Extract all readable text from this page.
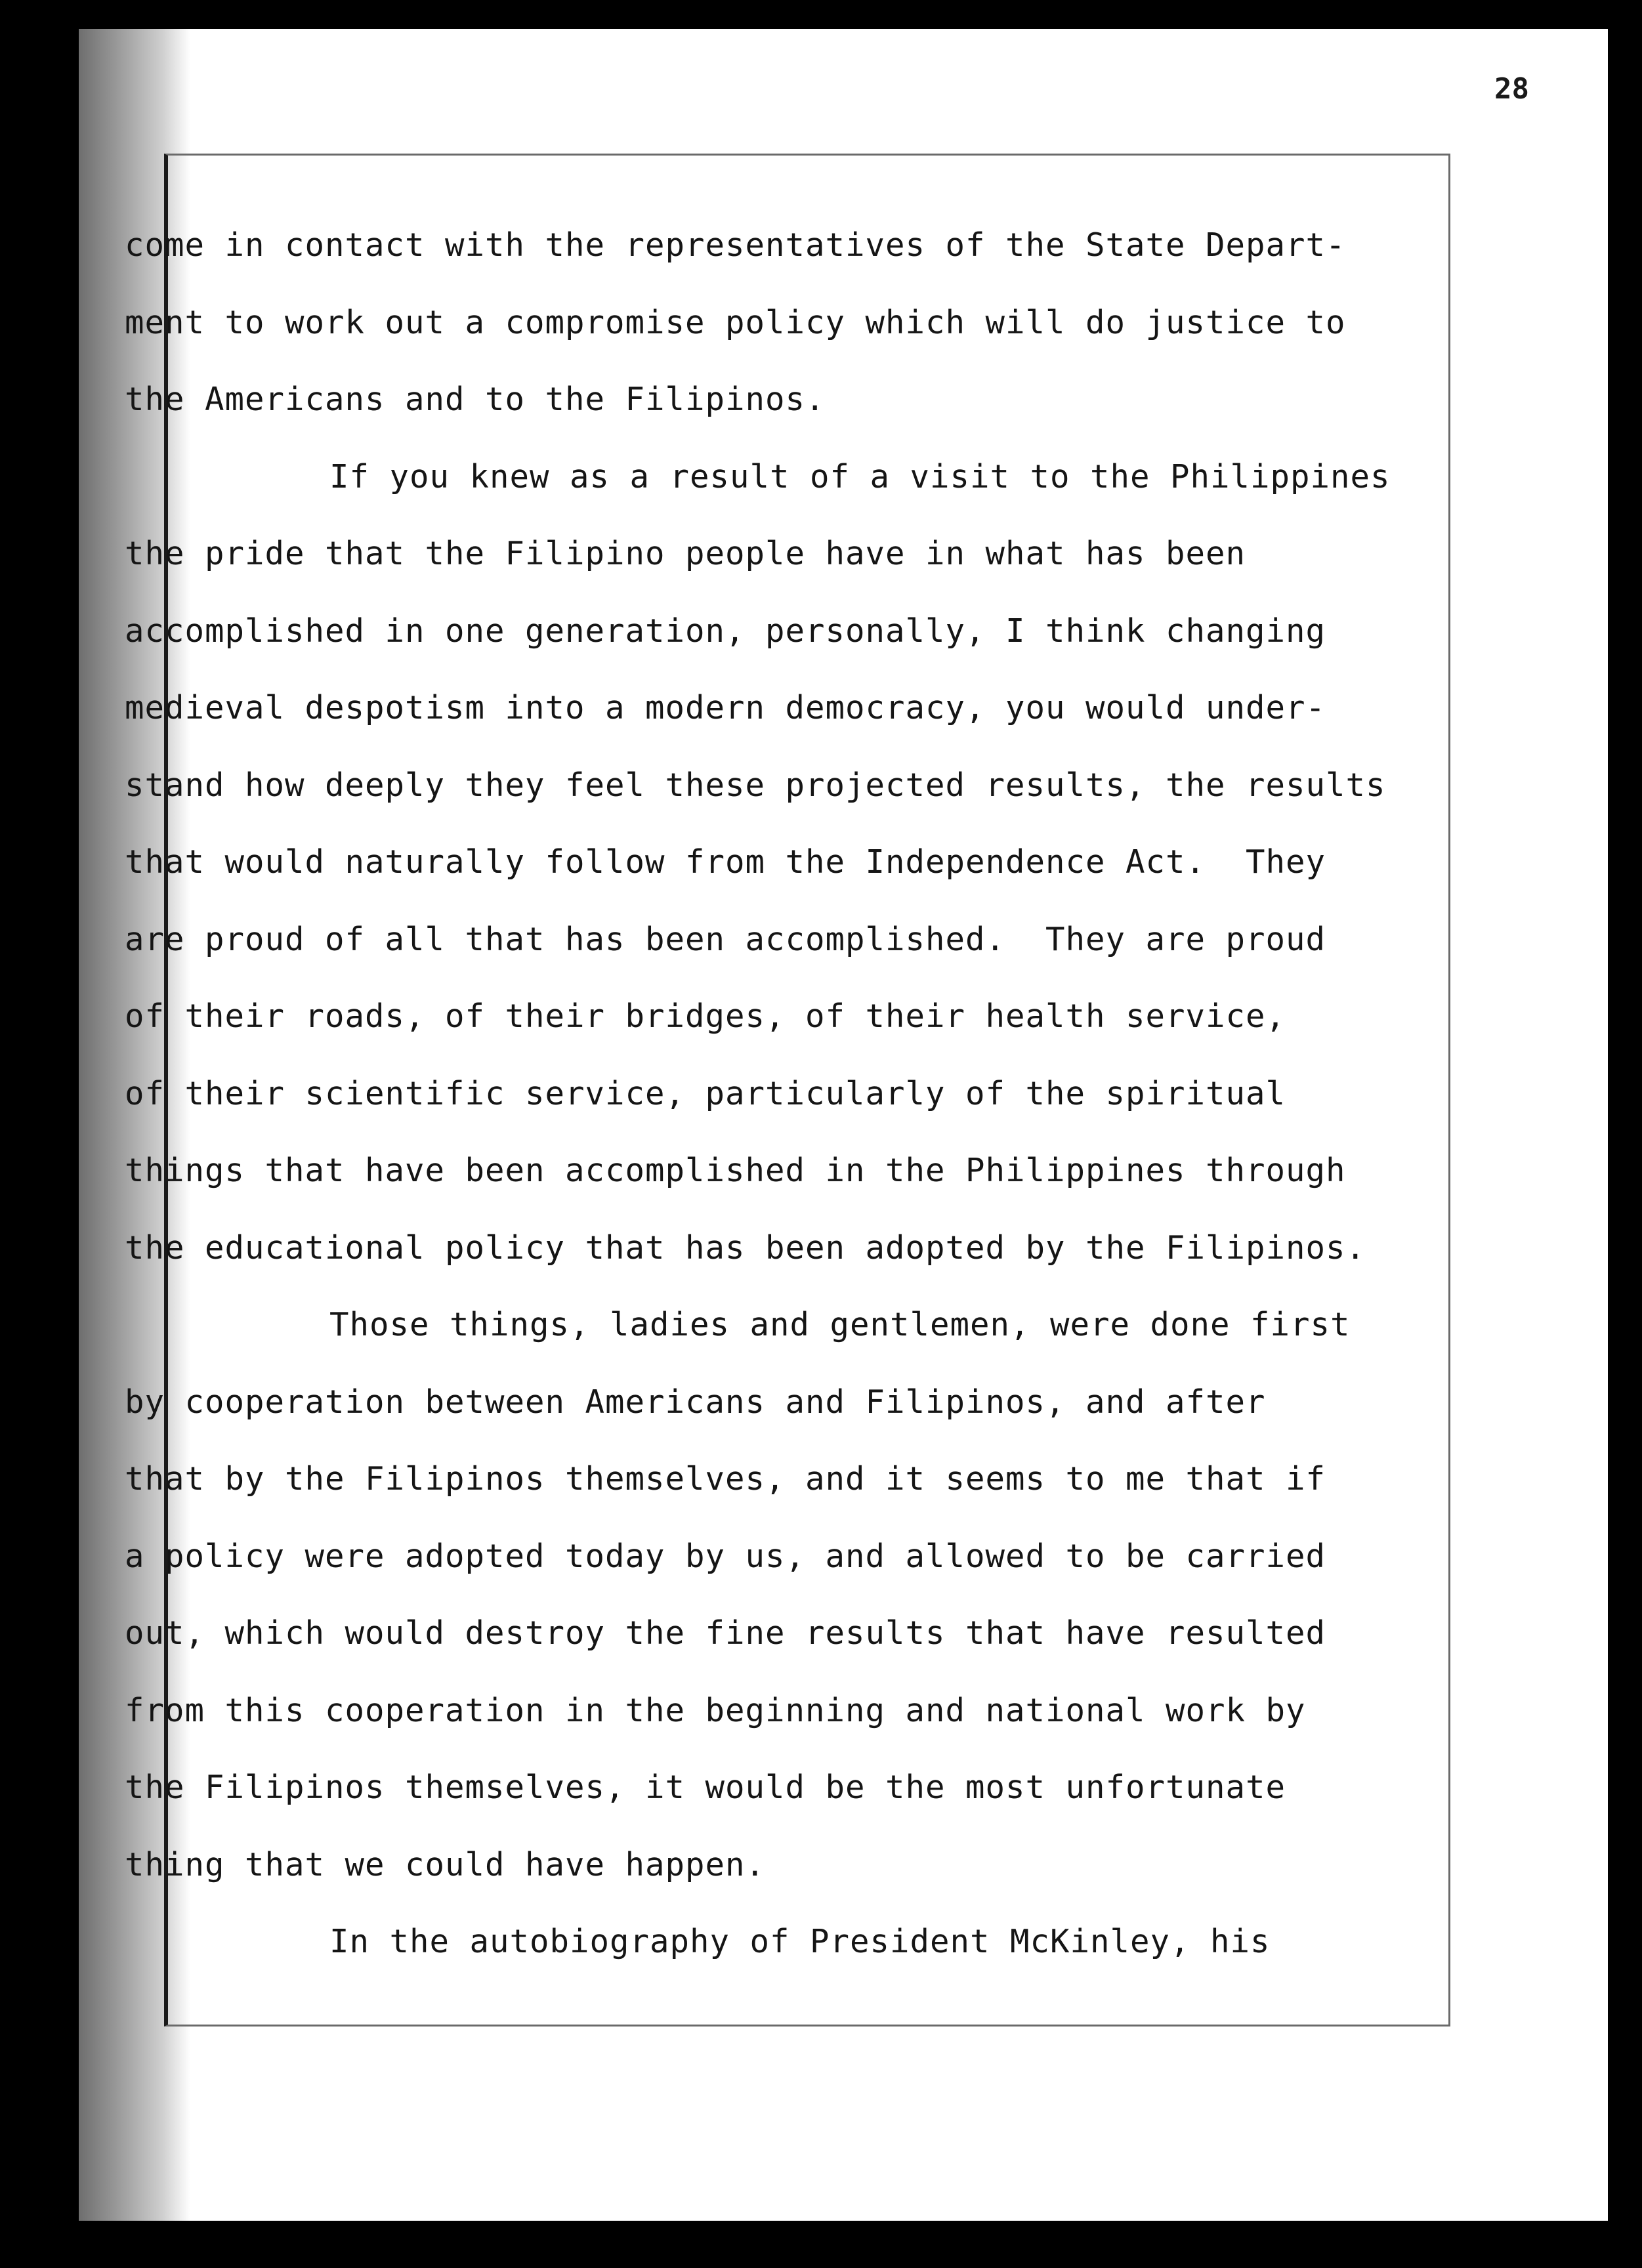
28

come in contact with the representatives of the State Depart-
ment to work out a compromise policy which will do justice to
the Americans and to the Filipinos.
If you knew as a result of a visit to the Philippines
the pride that the Filipino people have in what has been
accomplished in one generation, personally, I think changing
medieval despotism into a modern democracy, you would under-
stand how deeply they feel these projected results, the results
that would naturally follow from the Independence Act.  They
are proud of all that has been accomplished.  They are proud
of their roads, of their bridges, of their health service,
of their scientific service, particularly of the spiritual
things that have been accomplished in the Philippines through
the educational policy that has been adopted by the Filipinos.
Those things, ladies and gentlemen, were done first
by cooperation between Americans and Filipinos, and after
that by the Filipinos themselves, and it seems to me that if
a policy were adopted today by us, and allowed to be carried
out, which would destroy the fine results that have resulted
from this cooperation in the beginning and national work by
the Filipinos themselves, it would be the most unfortunate
thing that we could have happen.
In the autobiography of President McKinley, his
